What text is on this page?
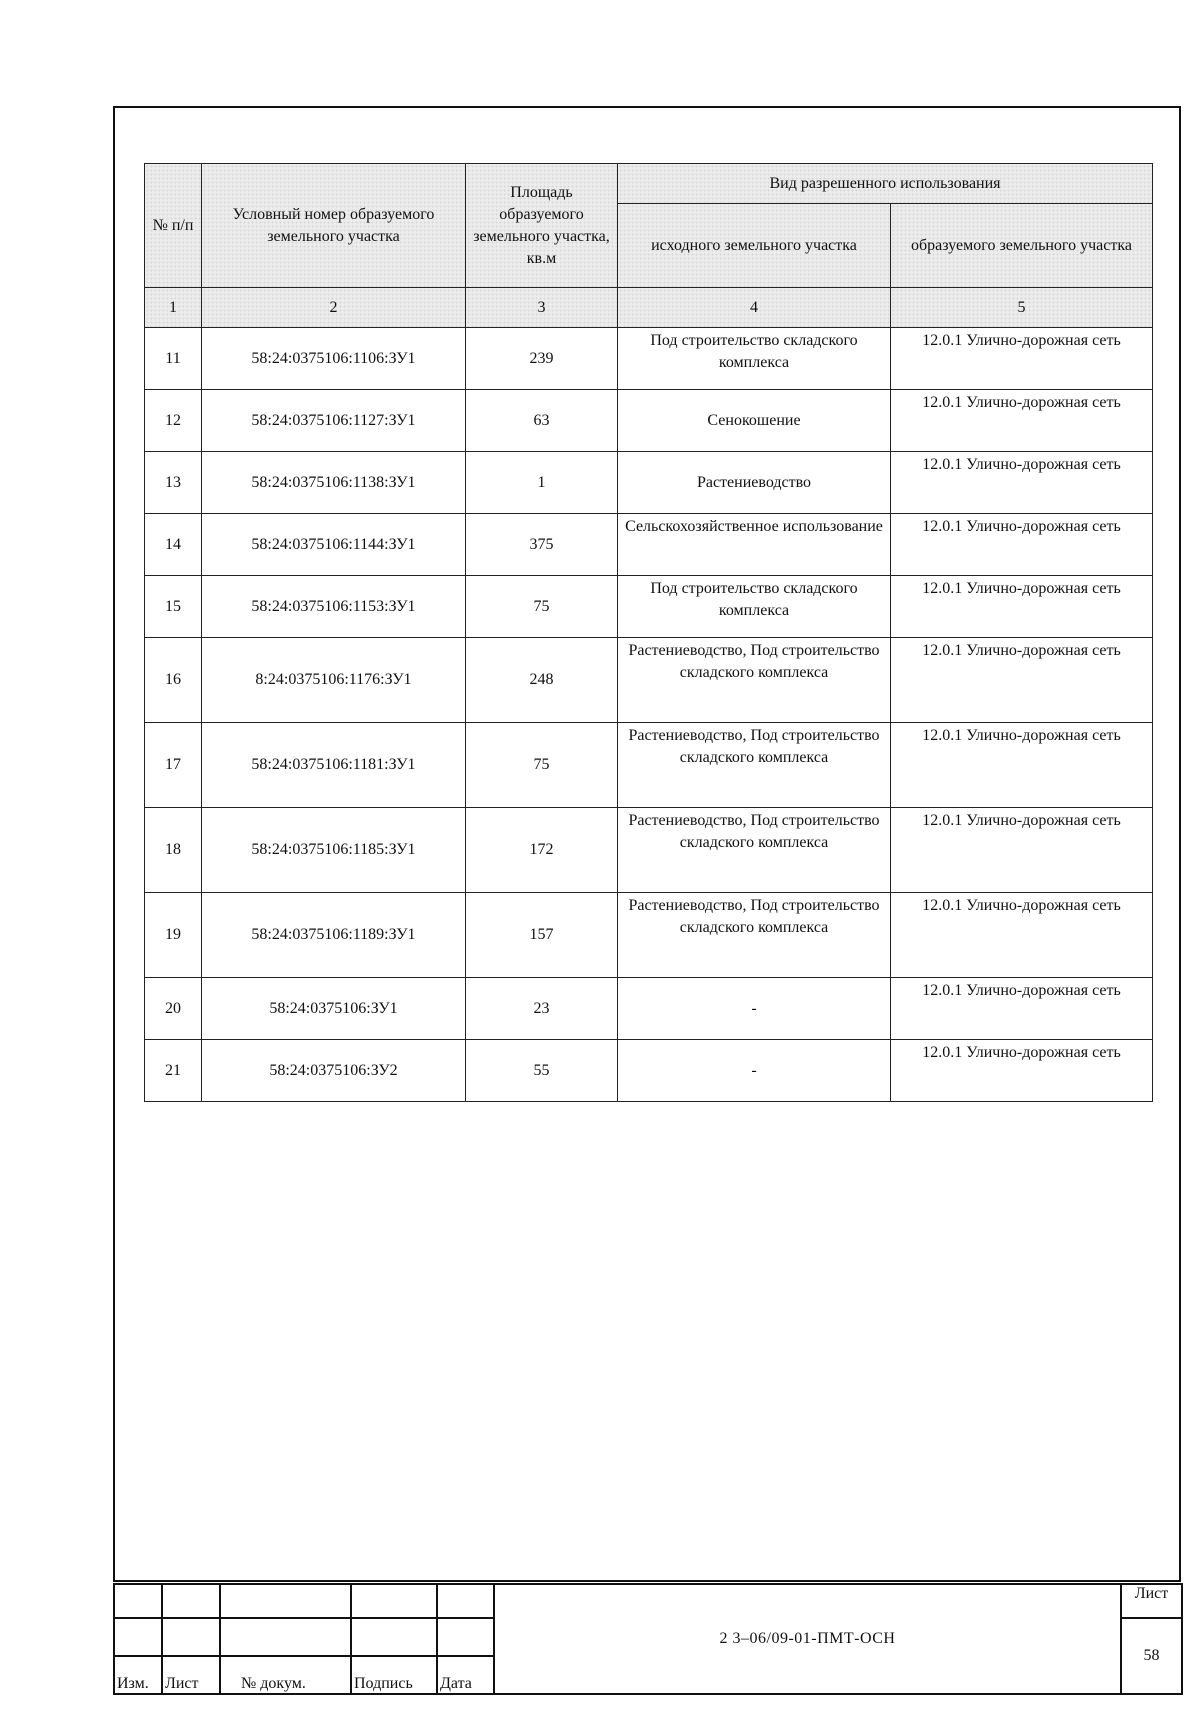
№ п/п	Условный номер образуемого земельного участка	Площадь образуемого земельного участка, кв.м	Вид разрешенного использования	
			исходного земельного участка	образуемого земельного участка
1	2	3	4	5
11	58:24:0375106:1106:ЗУ1	239	Под строительство складского комплекса	12.0.1 Улично-дорожная сеть
12	58:24:0375106:1127:ЗУ1	63	Сенокошение	12.0.1 Улично-дорожная сеть
13	58:24:0375106:1138:ЗУ1	1	Растениеводство	12.0.1 Улично-дорожная сеть
14	58:24:0375106:1144:ЗУ1	375	Сельскохозяйственное использование	12.0.1 Улично-дорожная сеть
15	58:24:0375106:1153:ЗУ1	75	Под строительство складского комплекса	12.0.1 Улично-дорожная сеть
16	8:24:0375106:1176:ЗУ1	248	Растениеводство, Под строительство складского комплекса	12.0.1 Улично-дорожная сеть
17	58:24:0375106:1181:ЗУ1	75	Растениеводство, Под строительство складского комплекса	12.0.1 Улично-дорожная сеть
18	58:24:0375106:1185:ЗУ1	172	Растениеводство, Под строительство складского комплекса	12.0.1 Улично-дорожная сеть
19	58:24:0375106:1189:ЗУ1	157	Растениеводство, Под строительство складского комплекса	12.0.1 Улично-дорожная сеть
20	58:24:0375106:ЗУ1	23	-	12.0.1 Улично-дорожная сеть
21	58:24:0375106:ЗУ2	55	-	12.0.1 Улично-дорожная сеть
					2 3–06/09-01-ПМТ-ОСН	Лист
						58
Изм.	Лист	№ докум.	Подпись	Дата		
